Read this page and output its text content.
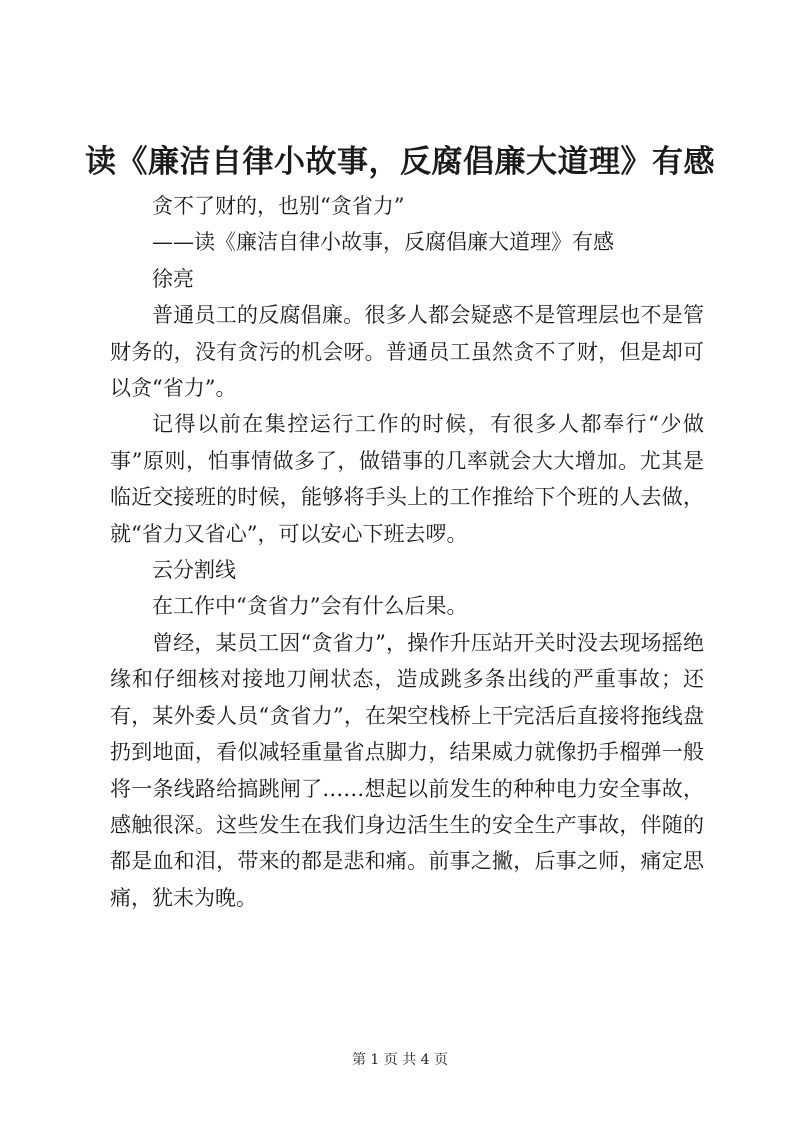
读《廉洁自律小故事，反腐倡廉大道理》有感

贪不了财的，也别“贪省力”

——读《廉洁自律小故事，反腐倡廉大道理》有感

徐亮

普通员工的反腐倡廉。很多人都会疑惑不是管理层也不是管财务的，没有贪污的机会呀。普通员工虽然贪不了财，但是却可以贪“省力”。

记得以前在集控运行工作的时候，有很多人都奉行“少做事”原则，怕事情做多了，做错事的几率就会大大增加。尤其是临近交接班的时候，能够将手头上的工作推给下个班的人去做，就“省力又省心”，可以安心下班去啰。

云分割线

在工作中“贪省力”会有什么后果。

曾经，某员工因“贪省力”，操作升压站开关时没去现场摇绝缘和仔细核对接地刀闸状态，造成跳多条出线的严重事故；还有，某外委人员“贪省力”，在架空栈桥上干完活后直接将拖线盘扔到地面，看似减轻重量省点脚力，结果威力就像扔手榴弹一般将一条线路给搞跳闸了……想起以前发生的种种电力安全事故，感触很深。这些发生在我们身边活生生的安全生产事故，伴随的都是血和泪，带来的都是悲和痛。前事之撇，后事之师，痛定思痛，犹未为晚。

第 1 页 共 4 页
